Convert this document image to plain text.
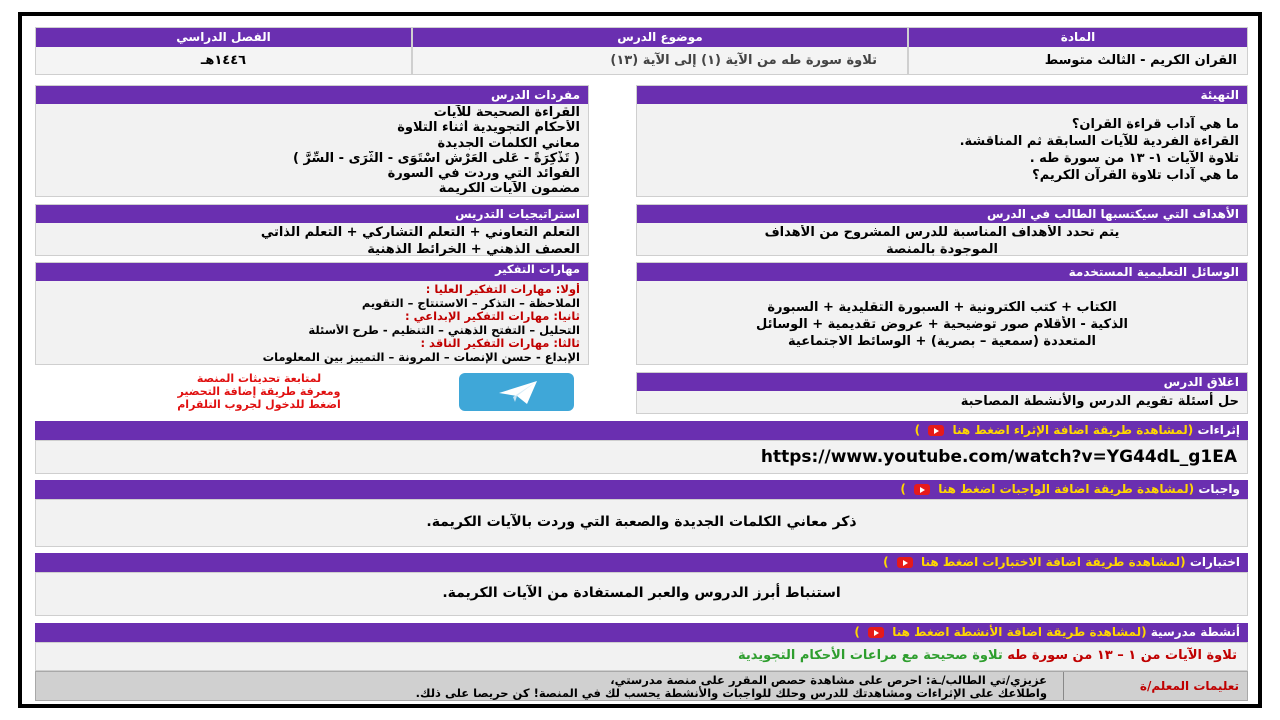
المادة
القران الكريم - الثالث متوسط
موضوع الدرس
تلاوة سورة طه من الآية (١) إلى الآية (١٣)
الفصل الدراسي
١٤٤٦هـ
مفردات الدرس
القراءة الصحيحة للآيات
الأحكام التجويدية أثناء التلاوة
معاني الكلمات الجديدة
( تَذْكِرَةً - عَلَى الْعَرْشِ اسْتَوَى - الثَّرَى - السِّرَّ )
الفوائد التي وردت في السورة
مضمون الآيات الكريمة
التهيئة
ما هي آداب قراءة القران؟
القراءة الفردية للآيات السابقة ثم المناقشة.
تلاوة الآيات ١- ١٣ من سورة طه .
ما هي آداب تلاوة القرآن الكريم؟
استراتيجيات التدريس
التعلم التعاوني + التعلم التشاركي + التعلم الذاتي
العصف الذهني + الخرائط الذهنية
الأهداف التي سيكتسبها الطالب في الدرس
يتم تحدد الأهداف المناسبة للدرس المشروح من الأهداف
الموجودة بالمنصة
مهارات التفكير
أولا: مهارات التفكير العليا :
الملاحظة – التذكر – الاستنتاج – التقويم
ثانيا: مهارات التفكير الإبداعي :
التحليل – التفتح الذهني – التنظيم - طرح الأسئلة
ثالثا: مهارات التفكير الناقد :
الإبداع - حسن الإنصات – المرونة – التمييز بين المعلومات
الوسائل التعليمية المستخدمة
الكتاب + كتب الكترونية + السبورة التقليدية + السبورة
الذكية - الأقلام صور توضيحية + عروض تقديمية + الوسائل
المتعددة (سمعية – بصرية) + الوسائط الاجتماعية
لمتابعة تحديثات المنصة
ومعرفة طريقة إضافة التحضير
اضغط للدخول لجروب التلقرام
اغلاق الدرس
حل أسئلة تقويم الدرس والأنشطة المصاحبة
إثراءات (لمشاهدة طريقة اضافة الإثراء اضغط هنا  )
https://www.youtube.com/watch?v=YG44dL_g1EA
واجبات (لمشاهدة طريقة اضافة الواجبات اضغط هنا  )
ذكر معاني الكلمات الجديدة والصعبة التي وردت بالآيات الكريمة.
اختبارات (لمشاهدة طريقة اضافة الاختبارات اضغط هنا  )
استنباط أبرز الدروس والعبر المستفادة من الآيات الكريمة.
أنشطة مدرسية (لمشاهدة طريقة اضافة الأنشطة اضغط هنا  )
تلاوة الآيات من ١ – ١٣ من سورة طه تلاوة صحيحة مع مراعات الأحكام التجويدية
تعليمات المعلم/ة
عزيزي/تي الطالب/ـة: احرص على مشاهدة حصص المقرر على منصة مدرستي،
واطلاعك على الإثراءات ومشاهدتك للدرس وحلك للواجبات والأنشطة يحسب لك في المنصة! كن حريصا على ذلك.
